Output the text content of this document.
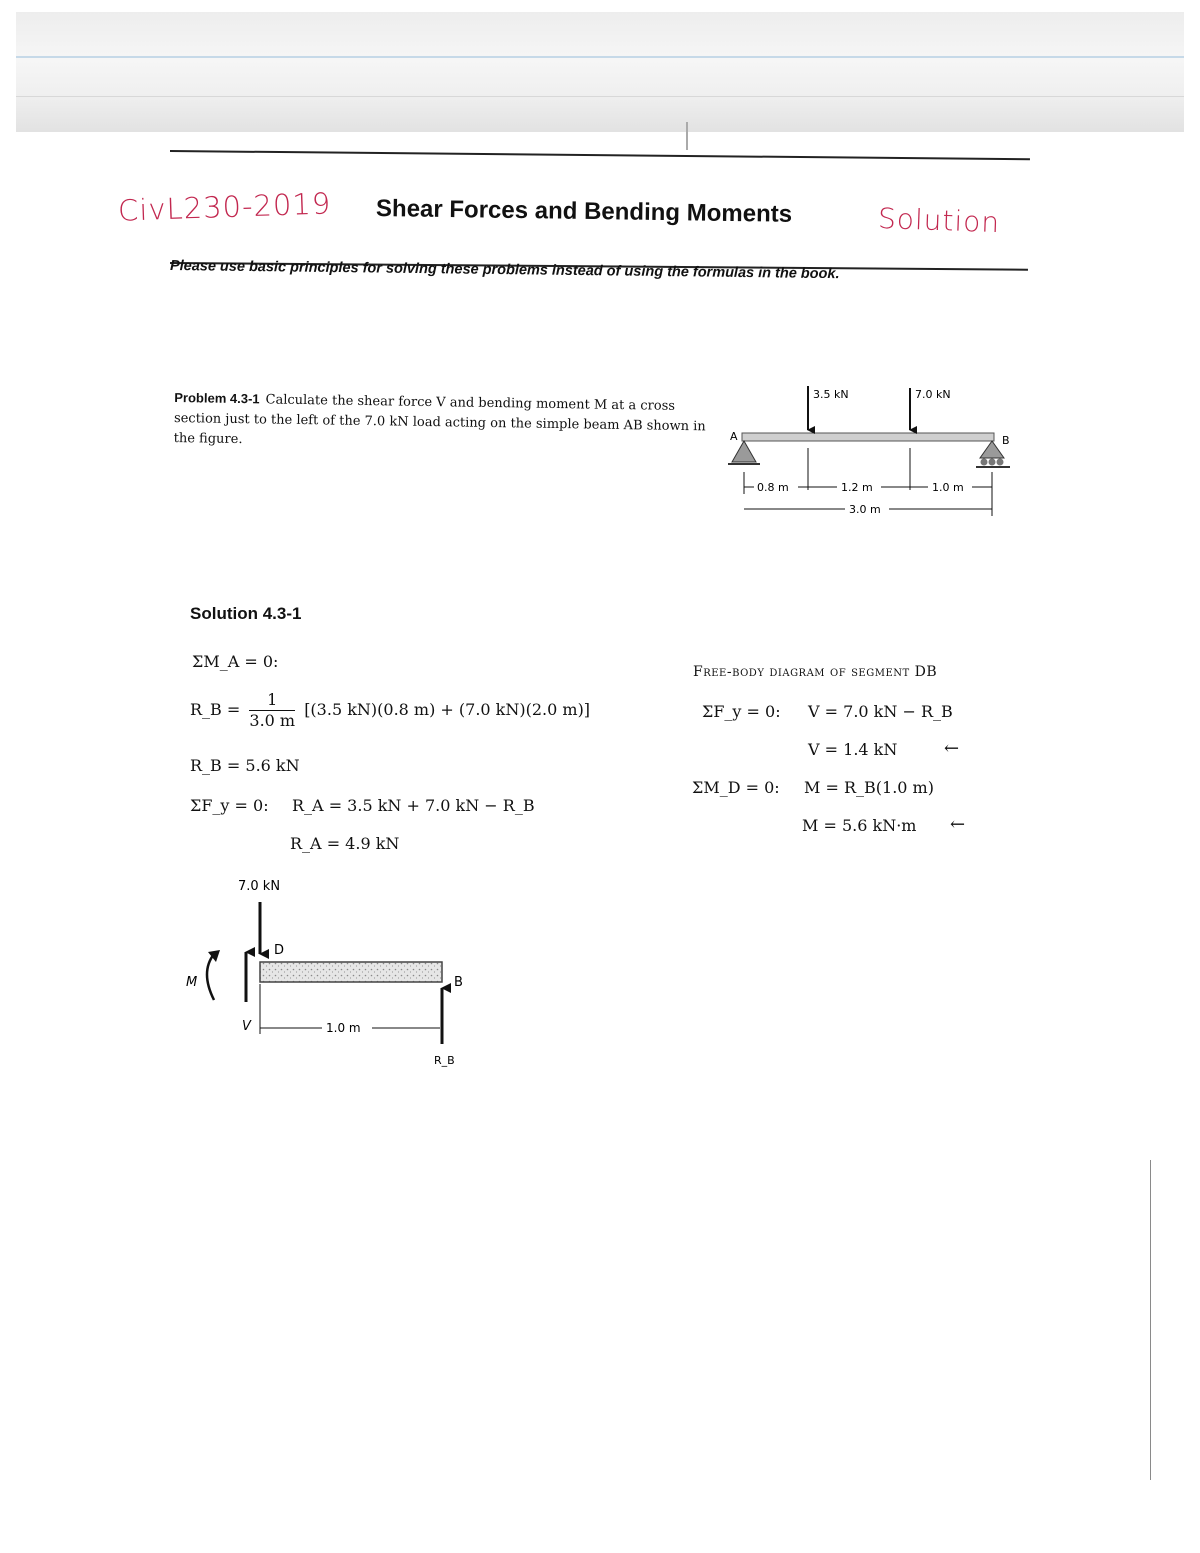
CivL230-2019 Shear Forces and Bending Moments	Solution
Please use basic principles for solving these problems instead of using the formulas in the book.
Problem 4.3-1 Calculate the shear force V and bending moment M at a cross section just to the left of the 7.0 kN load acting on the simple beam AB shown in the figure.	A	B
3.5 kN	7.0 kN
0.8 m	1.2 m	1.0 m
3.0 m
Solution 4.3-1
ΣM_A = 0:
R_B = $\frac{1}{3.0 m} [(3.5$ kN)(0.8 m) + (7.0 kN)(2.0 m)]
R_B = 5.6 kN
ΣF_y = 0: R_A = 3.5 kN + 7.0 kN − R_B
R_A = 4.9 kN
Free-body diagram of segment DB
ΣF_y = 0: V = 7.0 kN − R_B
V = 1.4 kN	←
ΣM_D = 0: M = R_B(1.0 m)
M = 5.6 kN·m ←
7.0 kN
D
B
M
V	1.0 m
R_B
